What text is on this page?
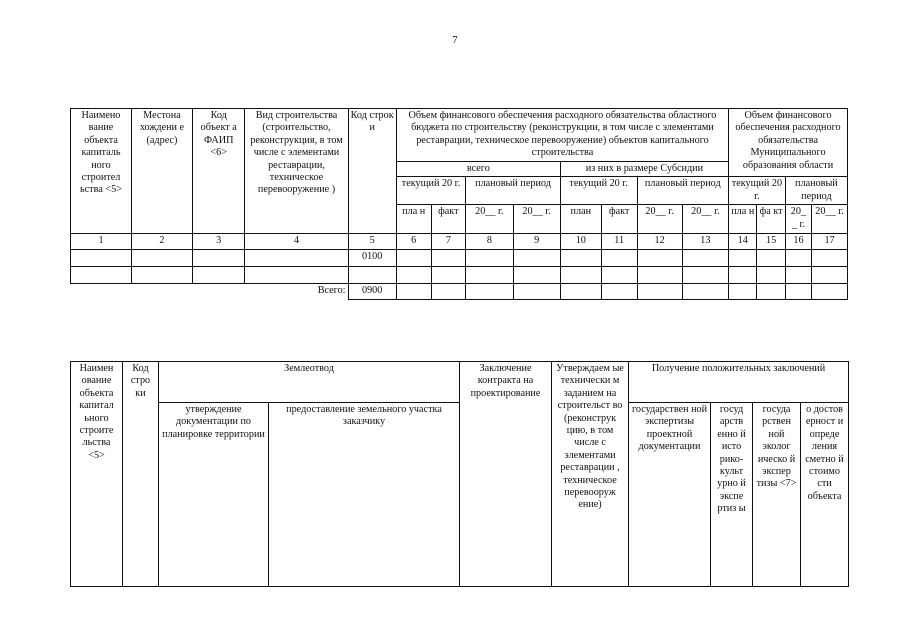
7
Наимено вание объекта капиталь ного строител ьства <5>	Местона хождени е (адрес)	Код объект а ФАИП <6>	Вид строительства (строительство, реконструкция, в том числе с элементами реставрации, техническое перевооружение )	Код строк и	Объем финансового обеспечения расходного обязательства областного бюджета по строительству (реконструкции, в том числе с элементами реставрации, техническое перевооружение) объектов капитального строительства								Объем финансового обеспечения расходного обязательства Муниципального образования области			
					всего				из них в размере Субсидии							
					текущий 20 г.		плановый период		текущий 20 г.		плановый период		текущий 20 г.		плановый период	
					пла н	факт	20__ г.	20__ г.	план	факт	20__ г.	20__ г.	пла н	фа кт	20_ _ г.	20__ г.
1	2	3	4	5	6	7	8	9	10	11	12	13	14	15	16	17
				0100												

Всего:				0900												
Наимен ование объекта капитал ьного строите льства <5>	Код стро ки	Землеотвод		Заключение контракта на проектирование	Утверждаем ые технически м заданием на строительст во (реконструк цию, в том числе с элементами реставрации , техническое перевооруж ение)	Получение положительных заключений			
		утверждение документации по планировке территории	предоставление земельного участка заказчику			государствен ной экспертизы проектной документации	госуд арств енно й исто рико- культ урно й экспе ртиз ы	госуда рствен ной эколог ическо й экспер тизы <7>	о достов ерност и опреде ления сметно й стоимо сти объекта
